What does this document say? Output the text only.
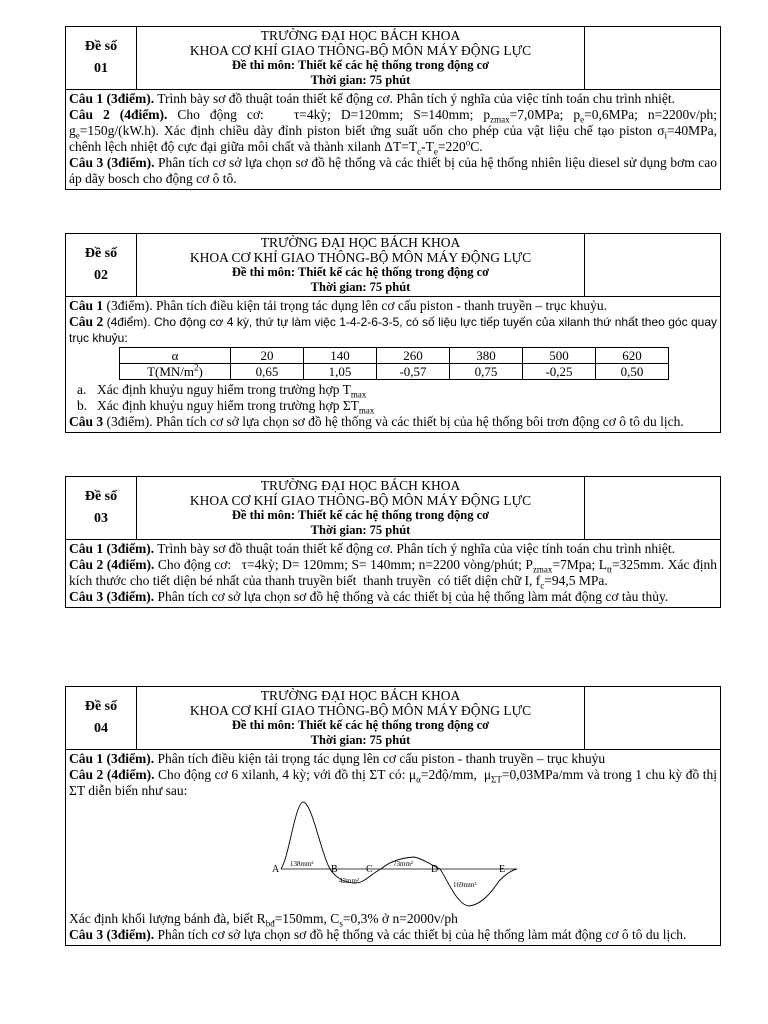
Đề số
01
TRƯỜNG ĐẠI HỌC BÁCH KHOA
KHOA CƠ KHÍ GIAO THÔNG-BỘ MÔN MÁY ĐỘNG LỰC
Đề thi môn: Thiết kế các hệ thống trong động cơ
Thời gian: 75 phút

Câu 1 (3điểm). Trình bày sơ đồ thuật toán thiết kế động cơ. Phân tích ý nghĩa của việc tính toán chu trình nhiệt.

Câu 2 (4điểm). Cho động cơ:   τ=4kỳ; D=120mm; S=140mm; $p_{zmax}=7,0MPa$; $p_e=0,6MPa$; n=2200v/ph; $g_e=150g/(kW.h)$. Xác định chiều dày đỉnh piston biết ứng suất uốn cho phép của vật liệu chế tạo piston $\sigma_i=40MPa$, chênh lệch nhiệt độ cực đại giữa môi chất và thành xilanh $\Delta T=T_c-T_e=220^oC$.

Câu 3 (3điểm). Phân tích cơ sở lựa chọn sơ đồ hệ thống và các thiết bị của hệ thống nhiên liệu diesel sử dụng bơm cao áp dãy bosch cho động cơ ô tô.

Đề số
02
TRƯỜNG ĐẠI HỌC BÁCH KHOA
KHOA CƠ KHÍ GIAO THÔNG-BỘ MÔN MÁY ĐỘNG LỰC
Đề thi môn: Thiết kế các hệ thống trong động cơ
Thời gian: 75 phút

Câu 1 (3điểm). Phân tích điều kiện tải trọng tác dụng lên cơ cấu piston - thanh truyền – trục khuỷu.

Câu 2 (4điểm). Cho động cơ 4 kỳ, thứ tự làm việc 1-4-2-6-3-5, có số liệu lực tiếp tuyến của xilanh thứ nhất theo góc quay trục khuỷu:

α	20	140	260	380	500	620
$T(MN/m^2)$	0,65	1,05	-0,57	0,75	-0,25	0,50

a. Xác định khuỷu nguy hiểm trong trường hợp $T_{max}$

b. Xác định khuỷu nguy hiểm trong trường hợp $\Sigma T_{max}$

Câu 3 (3điểm). Phân tích cơ sở lựa chọn sơ đồ hệ thống và các thiết bị của hệ thống bôi trơn động cơ ô tô du lịch.

Đề số
03
TRƯỜNG ĐẠI HỌC BÁCH KHOA
KHOA CƠ KHÍ GIAO THÔNG-BỘ MÔN MÁY ĐỘNG LỰC
Đề thi môn: Thiết kế các hệ thống trong động cơ
Thời gian: 75 phút

Câu 1 (3điểm). Trình bày sơ đồ thuật toán thiết kế động cơ. Phân tích ý nghĩa của việc tính toán chu trình nhiệt.

Câu 2 (4điểm). Cho động cơ:   τ=4kỳ; D= 120mm; S= 140mm; n=2200 vòng/phút; $P_{zmax}=7Mpa$; $L_{tt}=325mm$. Xác định kích thước cho tiết diện bé nhất của thanh truyền biết  thanh truyền  có tiết diện chữ I, $f_c=94,5$ MPa.

Câu 3 (3điểm). Phân tích cơ sở lựa chọn sơ đồ hệ thống và các thiết bị của hệ thống làm mát động cơ tàu thủy.

Đề số
04
TRƯỜNG ĐẠI HỌC BÁCH KHOA
KHOA CƠ KHÍ GIAO THÔNG-BỘ MÔN MÁY ĐỘNG LỰC
Đề thi môn: Thiết kế các hệ thống trong động cơ
Thời gian: 75 phút

Câu 1 (3điểm). Phân tích điều kiện tải trọng tác dụng lên cơ cấu piston - thanh truyền – trục khuỷu

Câu 2 (4điểm). Cho động cơ 6 xilanh, 4 kỳ; với đồ thị ΣT có: $\mu_\alpha=2độ/mm$,  $\mu_{\Sigma T}=0,03MPa/mm$ và trong 1 chu kỳ đồ thị ΣT diễn biến như sau:

A	B	C	D	E
138mm²
42mm²
73mm²
169mm²

Xác định khối lượng bánh đà, biết $R_{bđ}=150mm$, $C_s=0,3\%$ ở n=2000v/ph

Câu 3 (3điểm). Phân tích cơ sở lựa chọn sơ đồ hệ thống và các thiết bị của hệ thống làm mát động cơ ô tô du lịch.
